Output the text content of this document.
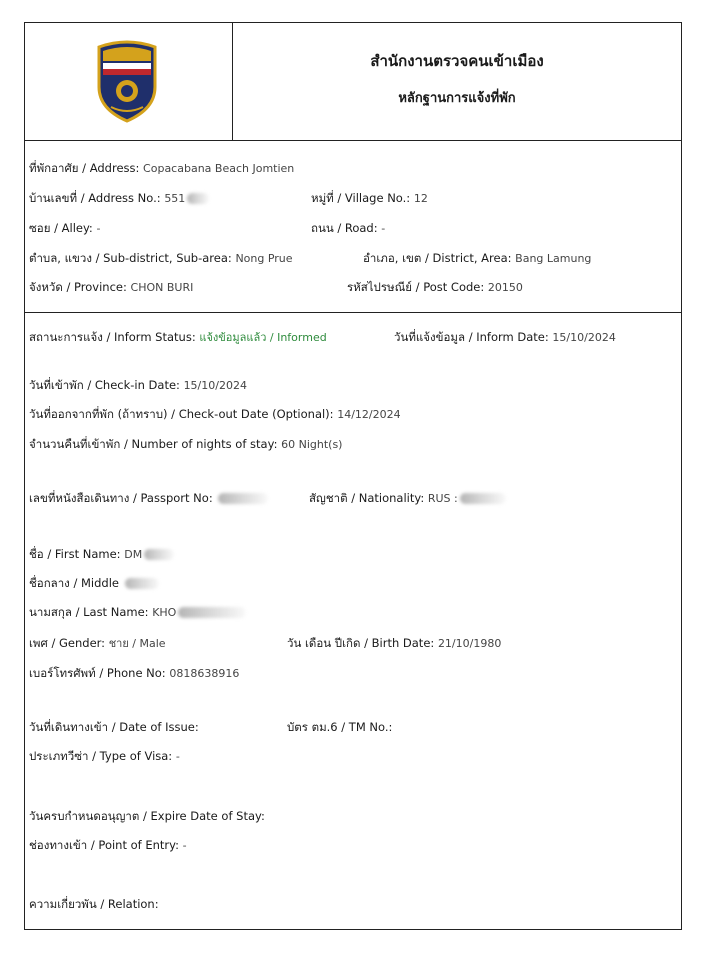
สำนักงานตรวจคนเข้าเมือง
หลักฐานการแจ้งที่พัก
ที่พักอาศัย / Address: Copacabana Beach Jomtien
บ้านเลขที่ / Address No.: 551	หมู่ที่ / Village No.: 12
ซอย / Alley: -	ถนน / Road: -
ตำบล, แขวง / Sub-district, Sub-area: Nong Prue	อำเภอ, เขต / District, Area: Bang Lamung
จังหวัด / Province: CHON BURI	รหัสไปรษณีย์ / Post Code: 20150
สถานะการแจ้ง / Inform Status: แจ้งข้อมูลแล้ว / Informed	วันที่แจ้งข้อมูล / Inform Date: 15/10/2024
วันที่เข้าพัก / Check-in Date: 15/10/2024
วันที่ออกจากที่พัก (ถ้าทราบ) / Check-out Date (Optional): 14/12/2024
จำนวนคืนที่เข้าพัก / Number of nights of stay: 60 Night(s)
เลขที่หนังสือเดินทาง / Passport No:	สัญชาติ / Nationality: RUS :
ชื่อ / First Name: DM
ชื่อกลาง / Middle
นามสกุล / Last Name: KHO
เพศ / Gender: ชาย / Male	วัน เดือน ปีเกิด / Birth Date: 21/10/1980
เบอร์โทรศัพท์ / Phone No: 0818638916
วันที่เดินทางเข้า / Date of Issue:	บัตร ตม.6 / TM No.:
ประเภทวีซ่า / Type of Visa: -
วันครบกำหนดอนุญาต / Expire Date of Stay:
ช่องทางเข้า / Point of Entry: -
ความเกี่ยวพัน / Relation:
